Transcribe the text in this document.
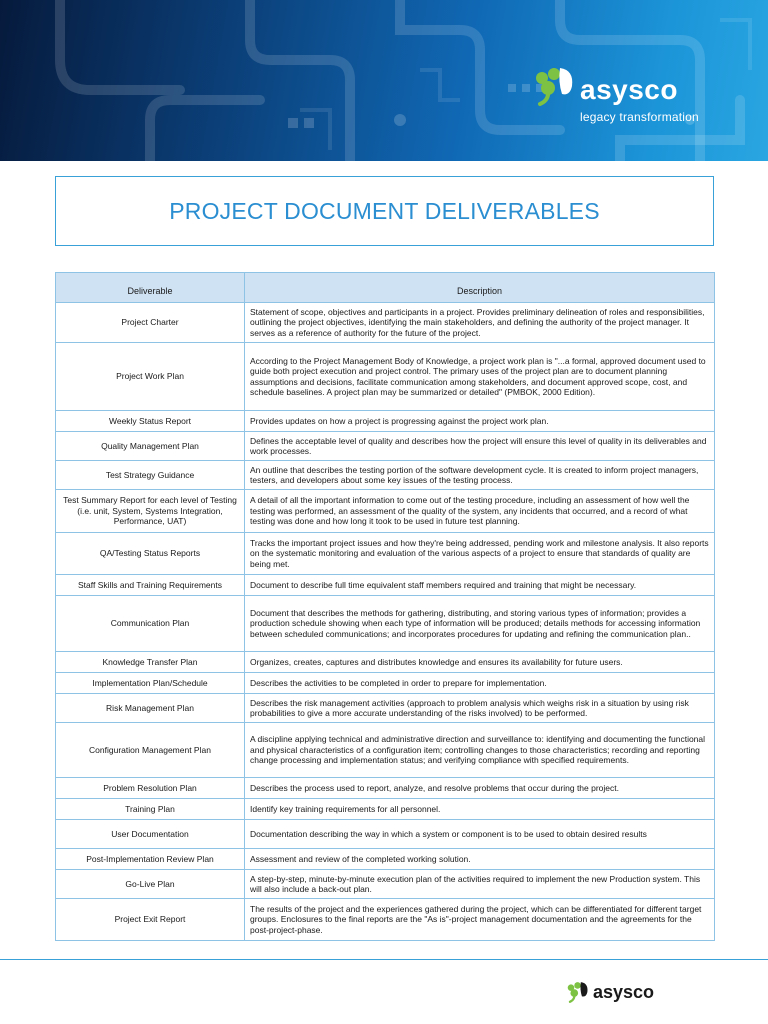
asysco
legacy transformation
PROJECT DOCUMENT DELIVERABLES
Deliverable	Description
Project Charter	Statement of scope, objectives and participants in a project. Provides preliminary delineation of roles and responsibilities, outlining the project objectives, identifying the main stakeholders, and defining the authority of the project manager. It serves as a reference of authority for the future of the project.
Project Work Plan	According to the Project Management Body of Knowledge, a project work plan is "...a formal, approved document used to guide both project execution and project control. The primary uses of the project plan are to document planning assumptions and decisions, facilitate communication among stakeholders, and document approved scope, cost, and schedule baselines. A project plan may be summarized or detailed" (PMBOK, 2000 Edition).
Weekly Status Report	Provides updates on how a project is progressing against the project work plan.
Quality Management Plan	Defines the acceptable level of quality and describes how the project will ensure this level of quality in its deliverables and work processes.
Test Strategy Guidance	An outline that describes the testing portion of the software development cycle. It is created to inform project managers, testers, and developers about some key issues of the testing process.
Test Summary Report for each level of Testing (i.e. unit, System, Systems Integration, Performance, UAT)	A detail of all the important information to come out of the testing procedure, including an assessment of how well the testing was performed, an assessment of the quality of the system, any incidents that occurred, and a record of what testing was done and how long it took to be used in future test planning.
QA/Testing Status Reports	Tracks the important project issues and how they're being addressed, pending work and milestone analysis. It also reports on the systematic monitoring and evaluation of the various aspects of a project to ensure that standards of quality are being met.
Staff Skills and Training Requirements	Document to describe full time equivalent staff members required and training that might be necessary.
Communication Plan	Document that describes the methods for gathering, distributing, and storing various types of information; provides a production schedule showing when each type of information will be produced; details methods for accessing information between scheduled communications; and incorporates procedures for updating and refining the communication plan..
Knowledge Transfer Plan	Organizes, creates, captures and distributes knowledge and ensures its availability for future users.
Implementation Plan/Schedule	Describes the activities to be completed in order to prepare for implementation.
Risk Management Plan	Describes the risk management activities (approach to problem analysis which weighs risk in a situation by using risk probabilities to give a more accurate understanding of the risks involved) to be performed.
Configuration Management Plan	A discipline applying technical and administrative direction and surveillance to: identifying and documenting the functional and physical characteristics of a configuration item; controlling changes to those characteristics; recording and reporting change processing and implementation status; and verifying compliance with specified requirements.
Problem Resolution Plan	Describes the process used to report, analyze, and resolve problems that occur during the project.
Training Plan	Identify key training requirements for all personnel.
User Documentation	Documentation describing the way in which a system or component is to be used to obtain desired results
Post-Implementation Review Plan	Assessment and review of the completed working solution.
Go-Live Plan	A step-by-step, minute-by-minute execution plan of the activities required to implement the new Production system. This will also include a back-out plan.
Project Exit Report	The results of the project and the experiences gathered during the project, which can be differentiated for different target groups. Enclosures to the final reports are the "As is"-project management documentation and the agreements for the post-project-phase.
asysco
